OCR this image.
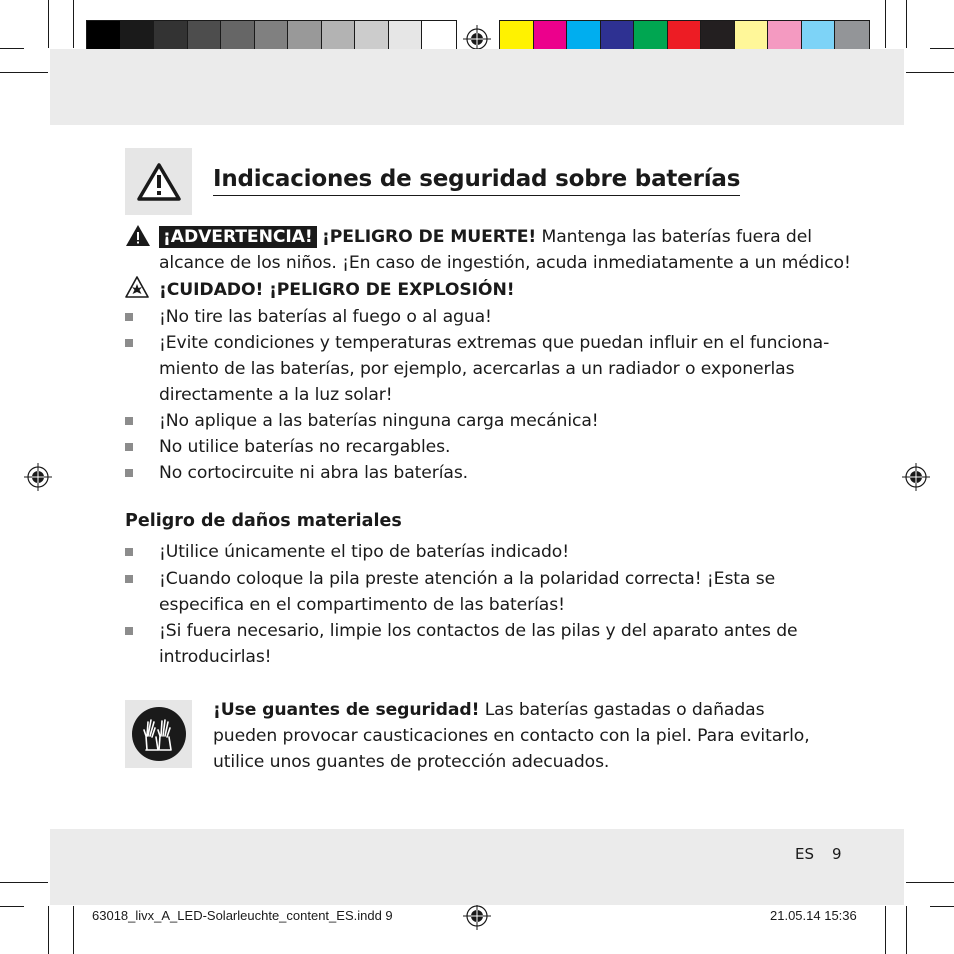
Indicaciones de seguridad sobre baterías
¡ADVERTENCIA! ¡PELIGRO DE MUERTE! Mantenga las baterías fuera del
alcance de los niños. ¡En caso de ingestión, acuda inmediatamente a un médico!
¡CUIDADO! ¡PELIGRO DE EXPLOSIÓN!
¡No tire las baterías al fuego o al agua!
¡Evite condiciones y temperaturas extremas que puedan influir en el funciona-
miento de las baterías, por ejemplo, acercarlas a un radiador o exponerlas
directamente a la luz solar!
¡No aplique a las baterías ninguna carga mecánica!
No utilice baterías no recargables.
No cortocircuite ni abra las baterías.
Peligro de daños materiales
¡Utilice únicamente el tipo de baterías indicado!
¡Cuando coloque la pila preste atención a la polaridad correcta! ¡Esta se
especifica en el compartimento de las baterías!
¡Si fuera necesario, limpie los contactos de las pilas y del aparato antes de
introducirlas!
¡Use guantes de seguridad! Las baterías gastadas o dañadas
pueden provocar causticaciones en contacto con la piel. Para evitarlo,
utilice unos guantes de protección adecuados.
ES 9
63018_livx_A_LED-Solarleuchte_content_ES.indd 9	21.05.14 15:36
